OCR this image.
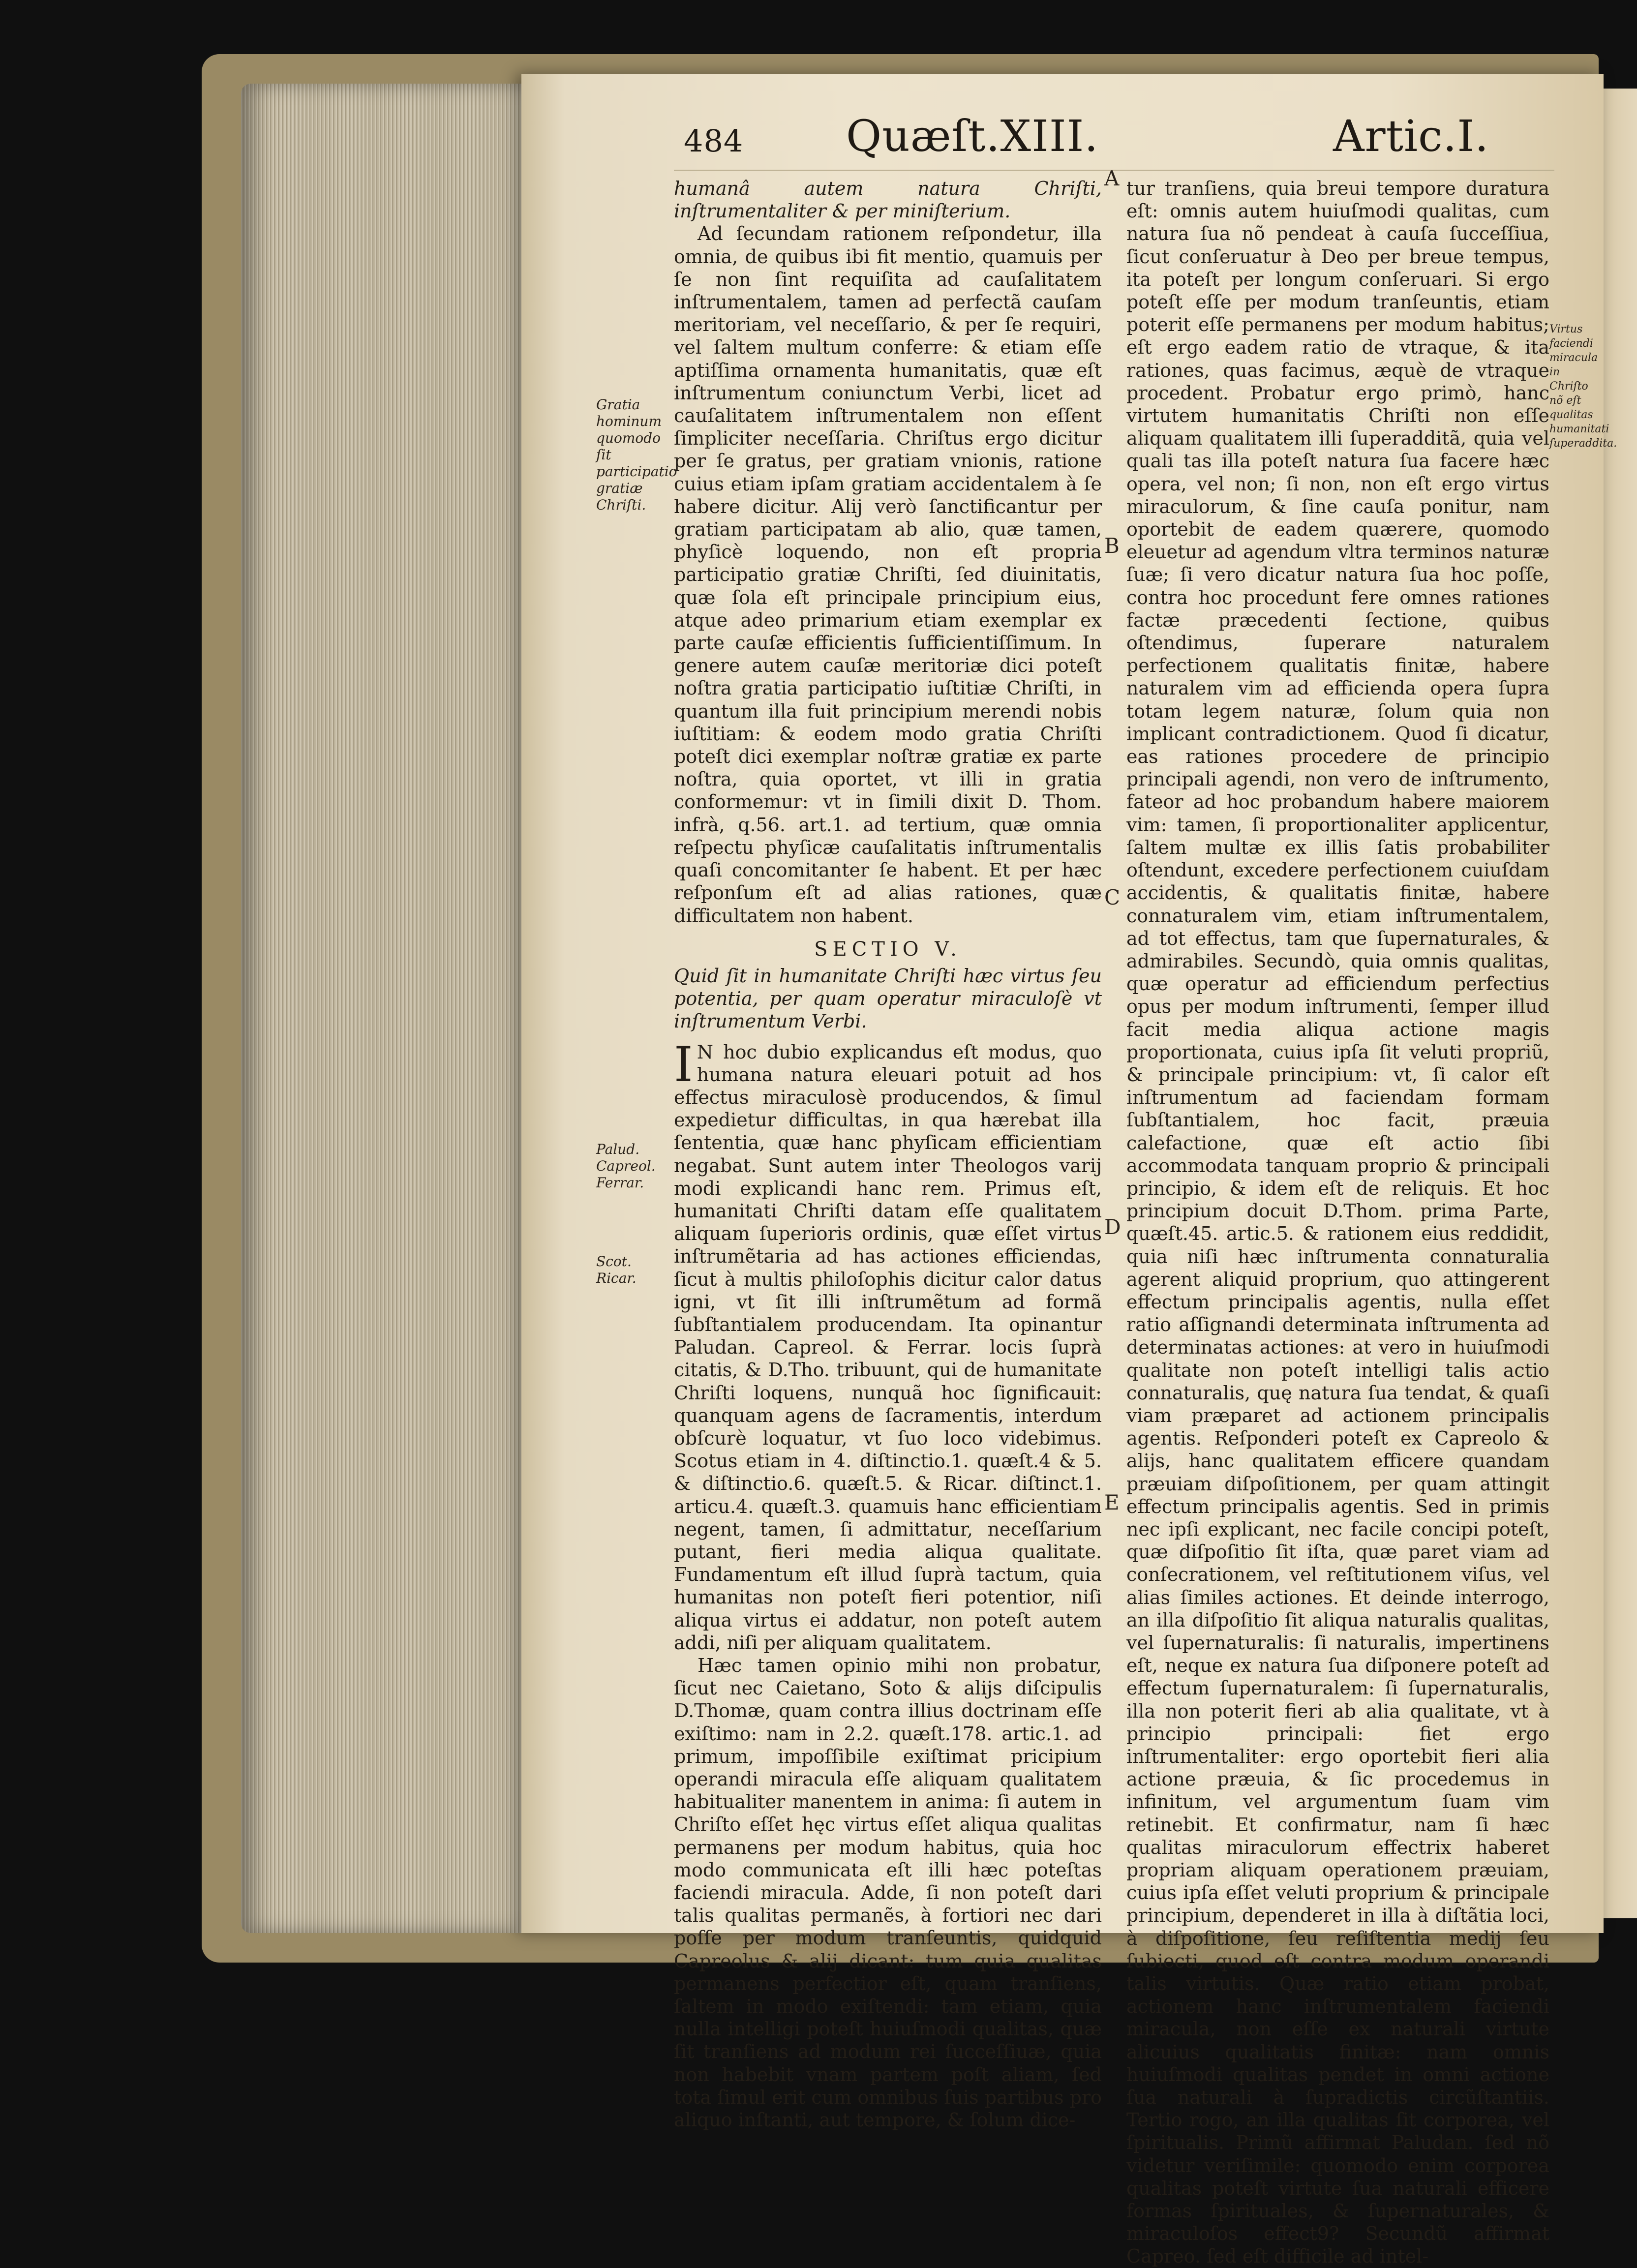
484 Quæſt.XIII.	Artic.I.
Gratia hominum quomodo ſit participatio gratiæ Chriſti.
Palud. Capreol. Ferrar.
Scot. Ricar.
Virtus faciendi miracula in Chriſto nõ eſt qualitas humanitati ſuperaddita.
A
B
C
D
E

humanâ autem natura Chriſti, inſtrumentaliter & per miniſterium.

Ad ſecundam rationem reſpondetur, illa omnia, de quibus ibi fit mentio, quamuis per ſe non ſint requiſita ad cauſalitatem inſtrumentalem, tamen ad perfectã cauſam meritoriam, vel neceſſario, & per ſe requiri, vel ſaltem multum conferre: & etiam eſſe aptiſſima ornamenta humanitatis, quæ eſt inſtrumentum coniunctum Verbi, licet ad cauſalitatem inſtrumentalem non eſſent ſimpliciter neceſſaria. Chriſtus ergo dicitur per ſe gratus, per gratiam vnionis, ratione cuius etiam ipſam gratiam accidentalem à ſe habere dicitur. Alij verò ſanctificantur per gratiam participatam ab alio, quæ tamen, phyſicè loquendo, non eſt propria participatio gratiæ Chriſti, ſed diuinitatis, quæ ſola eſt principale principium eius, atque adeo primarium etiam exemplar ex parte cauſæ efficientis ſufficientiſſimum. In genere autem cauſæ meritoriæ dici poteſt noſtra gratia participatio iuſtitiæ Chriſti, in quantum illa fuit principium merendi nobis iuſtitiam: & eodem modo gratia Chriſti poteſt dici exemplar noſtræ gratiæ ex parte noſtra, quia oportet, vt illi in gratia conformemur: vt in ſimili dixit D. Thom. infrà, q.56. art.1. ad tertium, quæ omnia reſpectu phyſicæ cauſalitatis inſtrumentalis quaſi concomitanter ſe habent. Et per hæc reſponſum eſt ad alias rationes, quæ difficultatem non habent.

SECTIO V.
Quid ſit in humanitate Chriſti hæc virtus ſeu potentia, per quam operatur miraculoſè vt inſtrumentum Verbi.

I N hoc dubio explicandus eſt modus, quo humana natura eleuari potuit ad hos effectus miraculosè producendos, & ſimul expedietur difficultas, in qua hærebat illa ſententia, quæ hanc phyſicam efficientiam negabat. Sunt autem inter Theologos varij modi explicandi hanc rem. Primus eſt, humanitati Chriſti datam eſſe qualitatem aliquam ſuperioris ordinis, quæ eſſet virtus inſtrumẽtaria ad has actiones efficiendas, ſicut à multis philoſophis dicitur calor datus igni, vt ſit illi inſtrumẽtum ad formã ſubſtantialem producendam. Ita opinantur Paludan. Capreol. & Ferrar. locis ſuprà citatis, & D.Tho. tribuunt, qui de humanitate Chriſti loquens, nunquã hoc ſignificauit: quanquam agens de ſacramentis, interdum obſcurè loquatur, vt ſuo loco videbimus. Scotus etiam in 4. diſtinctio.1. quæſt.4 & 5. & diſtinctio.6. quæſt.5. & Ricar. diſtinct.1. articu.4. quæſt.3. quamuis hanc efficientiam negent, tamen, ſi admittatur, neceſſarium putant, fieri media aliqua qualitate. Fundamentum eſt illud ſuprà tactum, quia humanitas non poteſt fieri potentior, niſi aliqua virtus ei addatur, non poteſt autem addi, niſi per aliquam qualitatem.

Hæc tamen opinio mihi non probatur, ſicut nec Caietano, Soto & alijs diſcipulis D.Thomæ, quam contra illius doctrinam eſſe exiſtimo: nam in 2.2. quæſt.178. artic.1. ad primum, impoſſibile exiſtimat pricipium operandi miracula eſſe aliquam qualitatem habitualiter manentem in anima: ſi autem in Chriſto eſſet hęc virtus eſſet aliqua qualitas permanens per modum habitus, quia hoc modo communicata eſt illi hæc poteſtas faciendi miracula. Adde, ſi non poteſt dari talis qualitas permanẽs, à fortiori nec dari poſſe per modum tranſeuntis, quidquid Capreolus & alij dicant: tum quia qualitas permanens perfectior eſt, quam tranſiens, ſaltem in modo exiſtendi: tam etiam, quia nulla intelligi poteſt huiuſmodi qualitas, quæ ſit tranſiens ad modum rei ſucceſſiuæ, quia non habebit vnam partem poſt aliam, ſed tota ſimul erit cum omnibus ſuis partibus pro aliquo inſtanti, aut tempore, & ſolum dice-

tur tranſiens, quia breui tempore duratura eſt: omnis autem huiuſmodi qualitas, cum natura ſua nõ pendeat à cauſa ſucceſſiua, ſicut conſeruatur à Deo per breue tempus, ita poteſt per longum conſeruari. Si ergo poteſt eſſe per modum tranſeuntis, etiam poterit eſſe permanens per modum habitus; eſt ergo eadem ratio de vtraque, & ita rationes, quas facimus, æquè de vtraque procedent. Probatur ergo primò, hanc virtutem humanitatis Chriſti non eſſe aliquam qualitatem illi ſuperadditã, quia vel quali tas illa poteſt natura ſua facere hæc opera, vel non; ſi non, non eſt ergo virtus miraculorum, & ſine cauſa ponitur, nam oportebit de eadem quærere, quomodo eleuetur ad agendum vltra terminos naturæ ſuæ; ſi vero dicatur natura ſua hoc poſſe, contra hoc procedunt fere omnes rationes factæ præcedenti ſectione, quibus oſtendimus, ſuperare naturalem perfectionem qualitatis finitæ, habere naturalem vim ad efficienda opera ſupra totam legem naturæ, ſolum quia non implicant contradictionem. Quod ſi dicatur, eas rationes procedere de principio principali agendi, non vero de inſtrumento, fateor ad hoc probandum habere maiorem vim: tamen, ſi proportionaliter applicentur, ſaltem multæ ex illis ſatis probabiliter oſtendunt, excedere perfectionem cuiuſdam accidentis, & qualitatis finitæ, habere connaturalem vim, etiam inſtrumentalem, ad tot effectus, tam que ſupernaturales, & admirabiles. Secundò, quia omnis qualitas, quæ operatur ad efficiendum perfectius opus per modum inſtrumenti, ſemper illud facit media aliqua actione magis proportionata, cuius ipſa ſit veluti propriũ, & principale principium: vt, ſi calor eſt inſtrumentum ad faciendam formam ſubſtantialem, hoc facit, præuia calefactione, quæ eſt actio ſibi accommodata tanquam proprio & principali principio, & idem eſt de reliquis. Et hoc principium docuit D.Thom. prima Parte, quæſt.45. artic.5. & rationem eius reddidit, quia niſi hæc inſtrumenta connaturalia agerent aliquid proprium, quo attingerent effectum principalis agentis, nulla eſſet ratio aſſignandi determinata inſtrumenta ad determinatas actiones: at vero in huiuſmodi qualitate non poteſt intelligi talis actio connaturalis, quę natura ſua tendat, & quaſi viam præparet ad actionem principalis agentis. Reſponderi poteſt ex Capreolo & alijs, hanc qualitatem efficere quandam præuiam diſpoſitionem, per quam attingit effectum principalis agentis. Sed in primis nec ipſi explicant, nec facile concipi poteſt, quæ diſpoſitio ſit iſta, quæ paret viam ad conſecrationem, vel reſtitutionem viſus, vel alias ſimiles actiones. Et deinde interrogo, an illa diſpoſitio ſit aliqua naturalis qualitas, vel ſupernaturalis: ſi naturalis, impertinens eſt, neque ex natura ſua diſponere poteſt ad effectum ſupernaturalem: ſi ſupernaturalis, illa non poterit fieri ab alia qualitate, vt à principio principali: fiet ergo inſtrumentaliter: ergo oportebit fieri alia actione præuia, & ſic procedemus in infinitum, vel argumentum ſuam vim retinebit. Et confirmatur, nam ſi hæc qualitas miraculorum effectrix haberet propriam aliquam operationem præuiam, cuius ipſa eſſet veluti proprium & principale principium, dependeret in illa à diſtãtia loci, à diſpoſitione, ſeu reſiſtentia medij ſeu ſubiecti, quod eſt contra modum operandi talis virtutis. Quæ ratio etiam probat, actionem hanc inſtrumentalem faciendi miracula, non eſſe ex naturali virtute alicuius qualitatis finitæ: nam omnis huiuſmodi qualitas pendet in omni actione ſua naturali à ſupradictis circũſtantiis. Tertio rogo, an illa qualitas ſit corporea, vel ſpiritualis. Primũ affirmat Paludan. ſed nõ videtur veriſimile: quomodo enim corporea qualitas poteſt virtute ſua naturali efficere formas ſpirituales, & ſupernaturales, & miraculoſos effect9? Secundũ affirmat Capreo. ſed eſt difficile ad intel-
